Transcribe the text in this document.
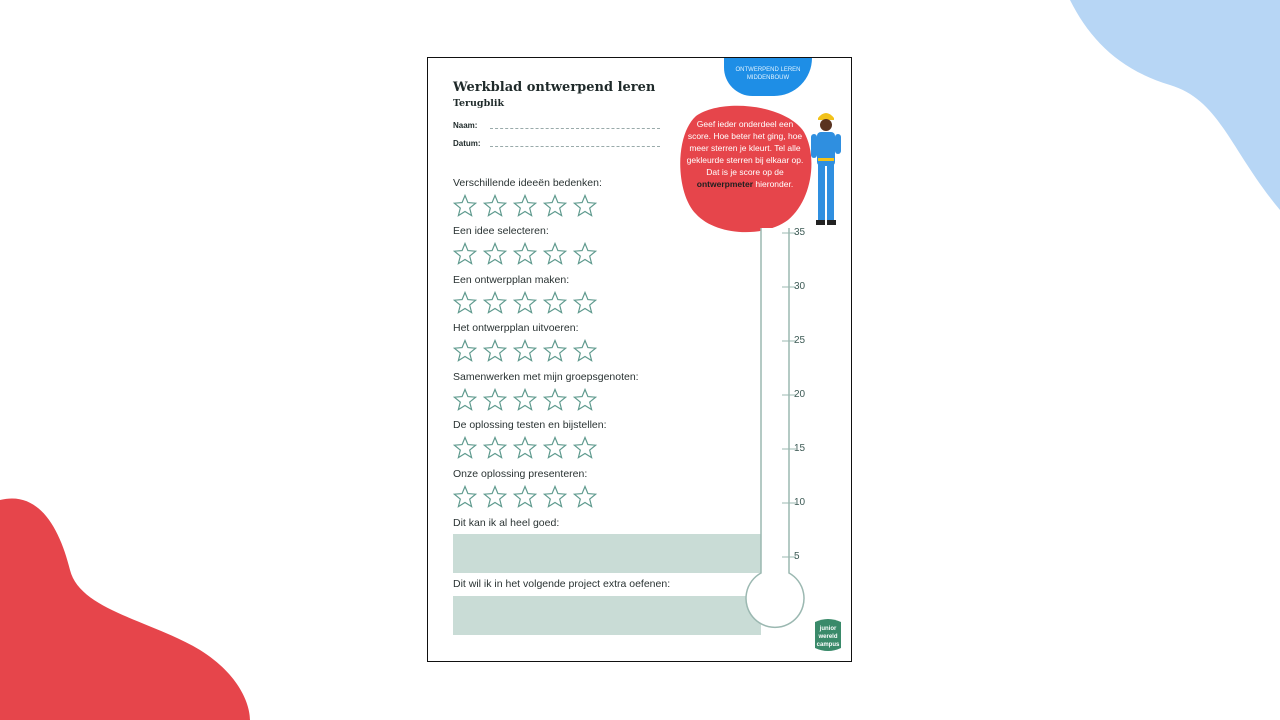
ONTWERPEND LEREN
MIDDENBOUW
Werkblad ontwerpend leren
Terugblik
Naam:
Datum:
Geef ieder onderdeel een score. Hoe beter het ging, hoe meer sterren je kleurt. Tel alle gekleurde sterren bij elkaar op. Dat is je score op de ontwerpmeter hieronder.
Verschillende ideeën bedenken:
Een idee selecteren:
Een ontwerpplan maken:
Het ontwerpplan uitvoeren:
Samenwerken met mijn groepsgenoten:
De oplossing testen en bijstellen:
Onze oplossing presenteren:
Dit kan ik al heel goed:
Dit wil ik in het volgende project extra oefenen:
35
30
25
20
15
10
5
junior
wereld
campus
